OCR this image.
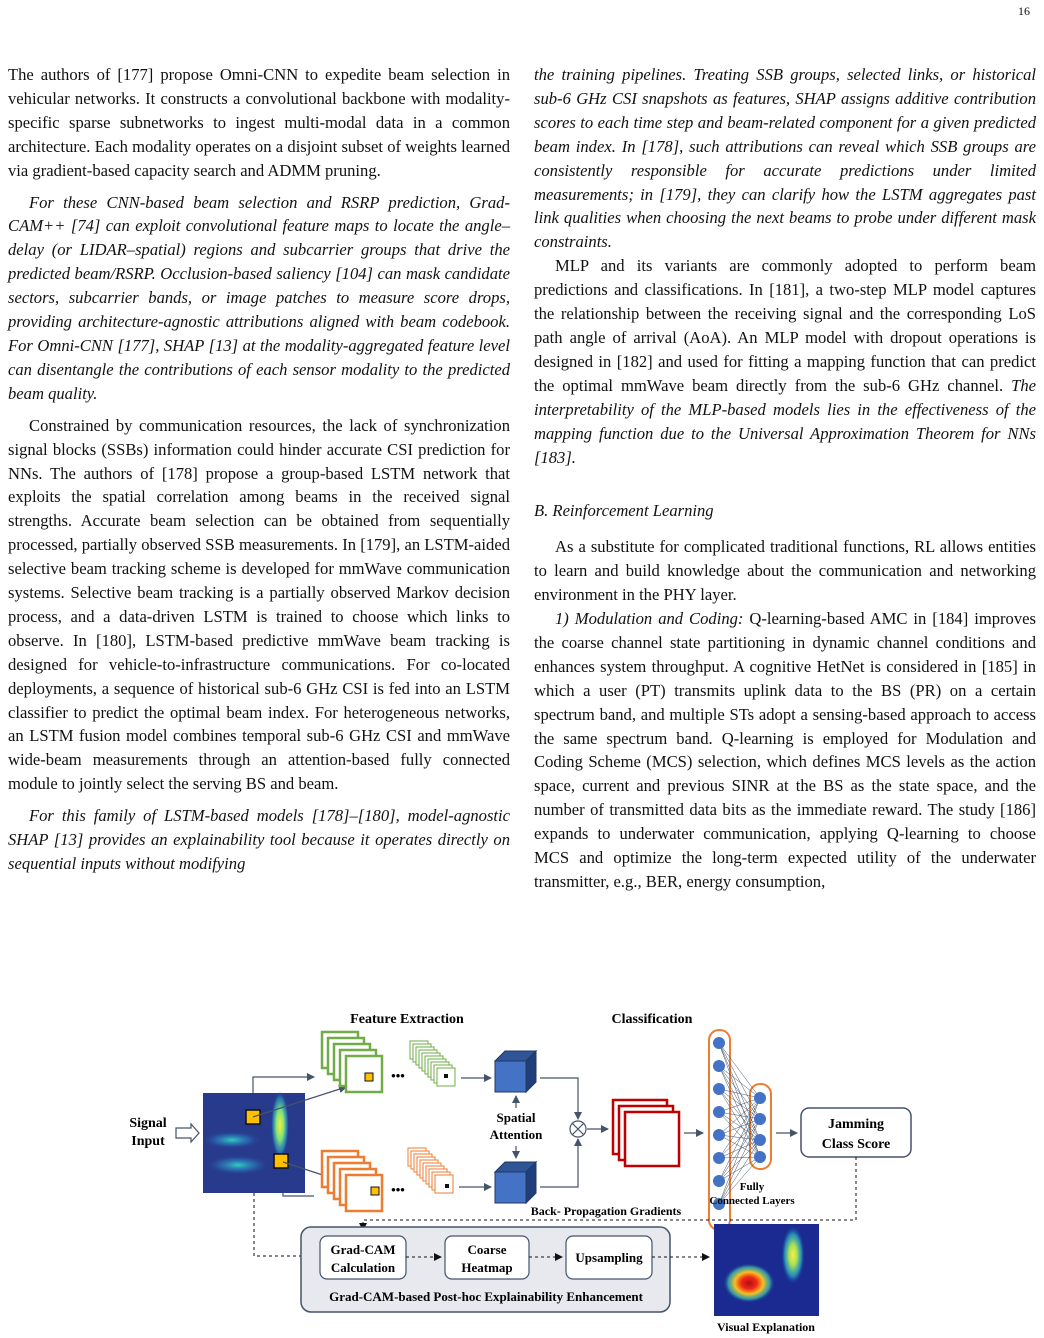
16

The authors of [177] propose Omni-CNN to expedite beam selection in vehicular networks. It constructs a convolutional backbone with modality-specific sparse subnetworks to ingest multi-modal data in a common architecture. Each modality operates on a disjoint subset of weights learned via gradient-based capacity search and ADMM pruning.

For these CNN-based beam selection and RSRP prediction, Grad-CAM++ [74] can exploit convolutional feature maps to locate the angle–delay (or LIDAR–spatial) regions and subcarrier groups that drive the predicted beam/RSRP. Occlusion-based saliency [104] can mask candidate sectors, subcarrier bands, or image patches to measure score drops, providing architecture-agnostic attributions aligned with beam codebook. For Omni-CNN [177], SHAP [13] at the modality-aggregated feature level can disentangle the contributions of each sensor modality to the predicted beam quality.

Constrained by communication resources, the lack of synchronization signal blocks (SSBs) information could hinder accurate CSI prediction for NNs. The authors of [178] propose a group-based LSTM network that exploits the spatial correlation among beams in the received signal strengths. Accurate beam selection can be obtained from sequentially processed, partially observed SSB measurements. In [179], an LSTM-aided selective beam tracking scheme is developed for mmWave communication systems. Selective beam tracking is a partially observed Markov decision process, and a data-driven LSTM is trained to choose which links to observe. In [180], LSTM-based predictive mmWave beam tracking is designed for vehicle-to-infrastructure communications. For co-located deployments, a sequence of historical sub-6 GHz CSI is fed into an LSTM classifier to predict the optimal beam index. For heterogeneous networks, an LSTM fusion model combines temporal sub-6 GHz CSI and mmWave wide-beam measurements through an attention-based fully connected module to jointly select the serving BS and beam.

For this family of LSTM-based models [178]–[180], model-agnostic SHAP [13] provides an explainability tool because it operates directly on sequential inputs without modifying

the training pipelines. Treating SSB groups, selected links, or historical sub-6 GHz CSI snapshots as features, SHAP assigns additive contribution scores to each time step and beam-related component for a given predicted beam index. In [178], such attributions can reveal which SSB groups are consistently responsible for accurate predictions under limited measurements; in [179], they can clarify how the LSTM aggregates past link qualities when choosing the next beams to probe under different mask constraints.

MLP and its variants are commonly adopted to perform beam predictions and classifications. In [181], a two-step MLP model captures the relationship between the receiving signal and the corresponding LoS path angle of arrival (AoA). An MLP model with dropout operations is designed in [182] and used for fitting a mapping function that can predict the optimal mmWave beam directly from the sub-6 GHz channel. The interpretability of the MLP-based models lies in the effectiveness of the mapping function due to the Universal Approximation Theorem for NNs [183].

B. Reinforcement Learning

As a substitute for complicated traditional functions, RL allows entities to learn and build knowledge about the communication and networking environment in the PHY layer.

1) Modulation and Coding: Q-learning-based AMC in [184] improves the coarse channel state partitioning in dynamic channel conditions and enhances system throughput. A cognitive HetNet is considered in [185] in which a user (PT) transmits uplink data to the BS (PR) on a certain spectrum band, and multiple STs adopt a sensing-based approach to access the same spectrum band. Q-learning is employed for Modulation and Coding Scheme (MCS) selection, which defines MCS levels as the action space, current and previous SINR at the BS as the state space, and the number of transmitted data bits as the immediate reward. The study [186] expands to underwater communication, applying Q-learning to choose MCS and optimize the long-term expected utility of the underwater transmitter, e.g., BER, energy consumption,

Feature Extraction	Classification
Signal
Input
•••
•••
Spatial
Attention
Fully
Connected Layers
Jamming
Class Score
Back- Propagation Gradients
Grad-CAM
Calculation
Coarse
Heatmap
Upsampling
Grad-CAM-based Post-hoc Explainability Enhancement
Visual Explanation
